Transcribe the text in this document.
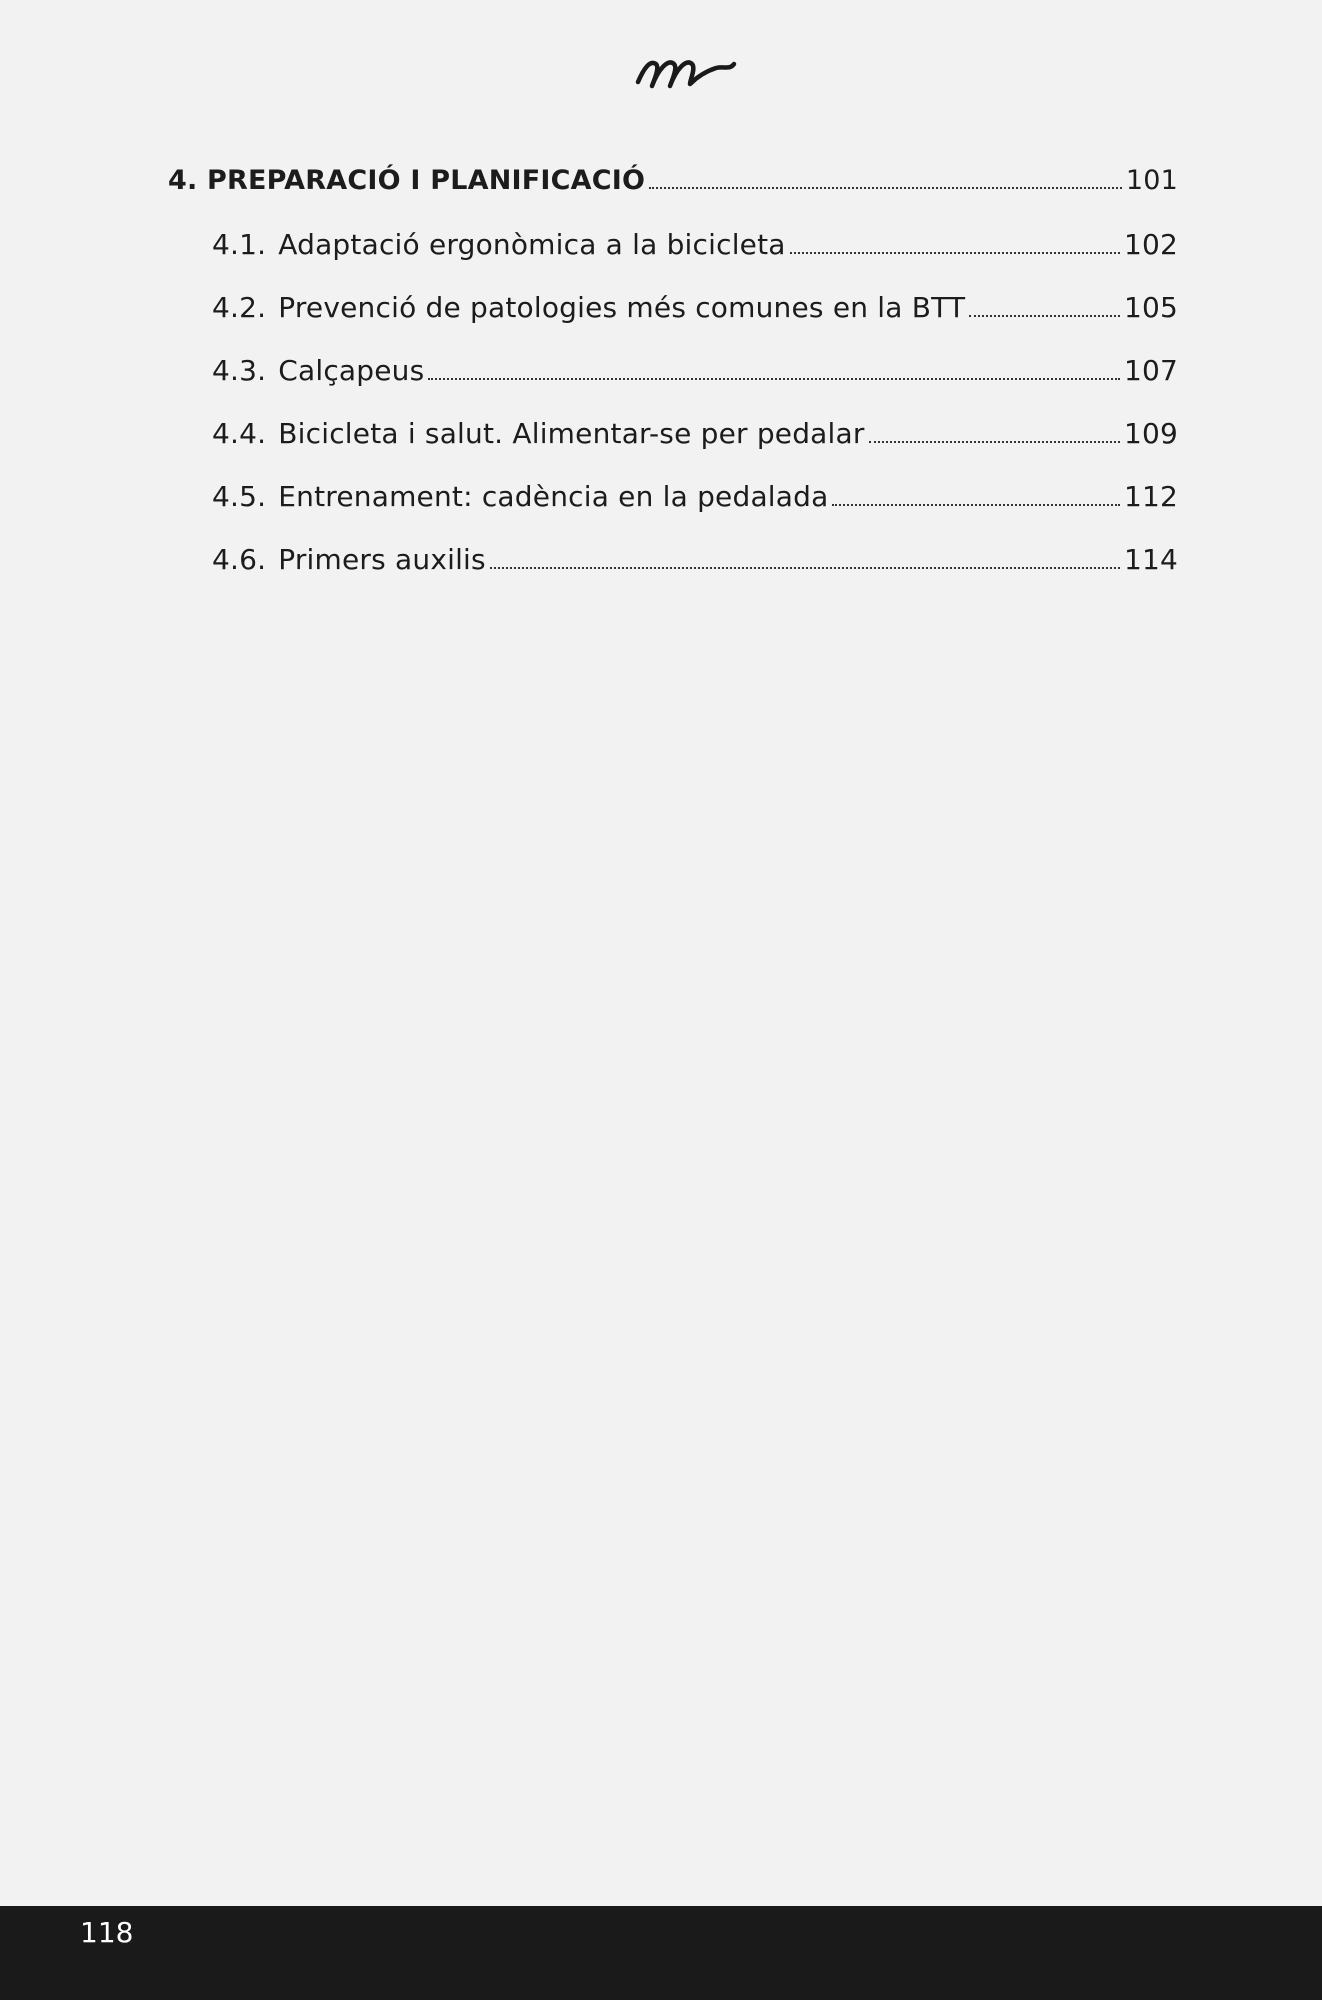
4. PREPARACIÓ I PLANIFICACIÓ	101
4.1. Adaptació ergonòmica a la bicicleta	102
4.2. Prevenció de patologies més comunes en la BTT	105
4.3. Calçapeus	107
4.4. Bicicleta i salut. Alimentar-se per pedalar	109
4.5. Entrenament: cadència en la pedalada	112
4.6. Primers auxilis	114
118
